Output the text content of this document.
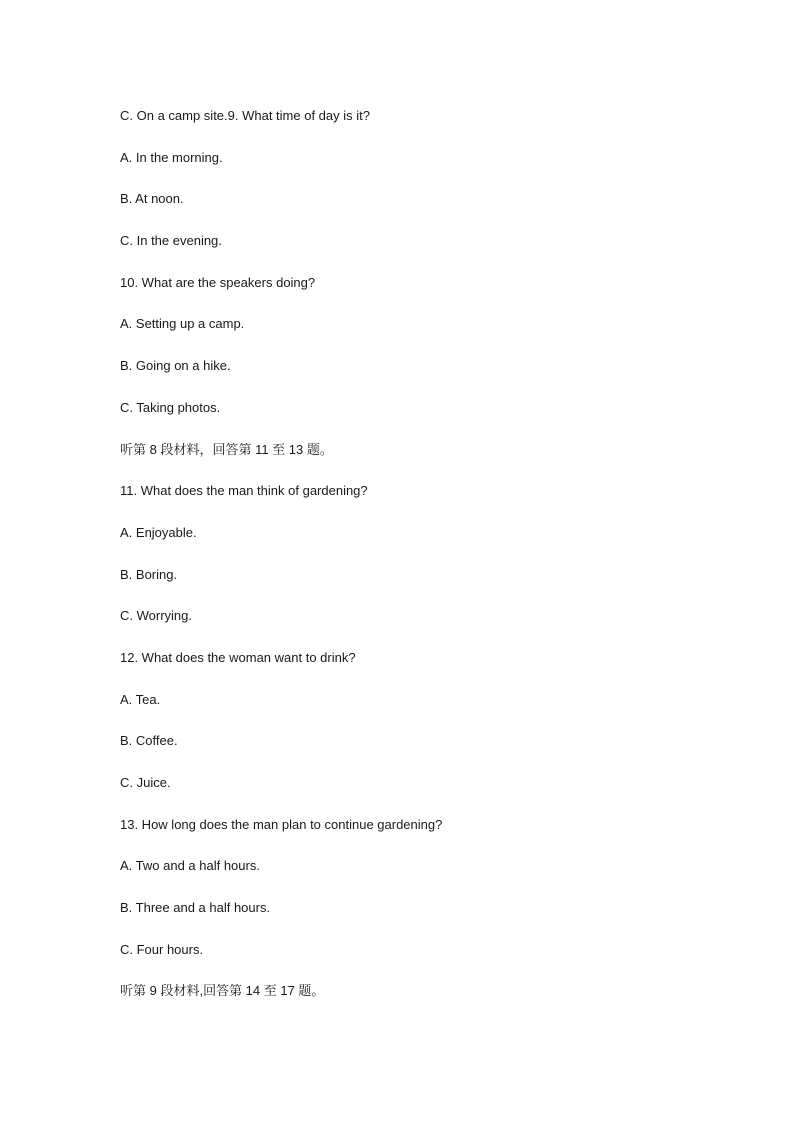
C. On a camp site.9. What time of day is it?
A. In the morning.
B. At noon.
C. In the evening.
10. What are the speakers doing?
A. Setting up a camp.
B. Going on a hike.
C. Taking photos.
听第 8 段材料，回答第 11 至 13 题。
11. What does the man think of gardening?
A. Enjoyable.
B. Boring.
C. Worrying.
12. What does the woman want to drink?
A. Tea.
B. Coffee.
C. Juice.
13. How long does the man plan to continue gardening?
A. Two and a half hours.
B. Three and a half hours.
C. Four hours.
听第 9 段材料,回答第 14 至 17 题。
